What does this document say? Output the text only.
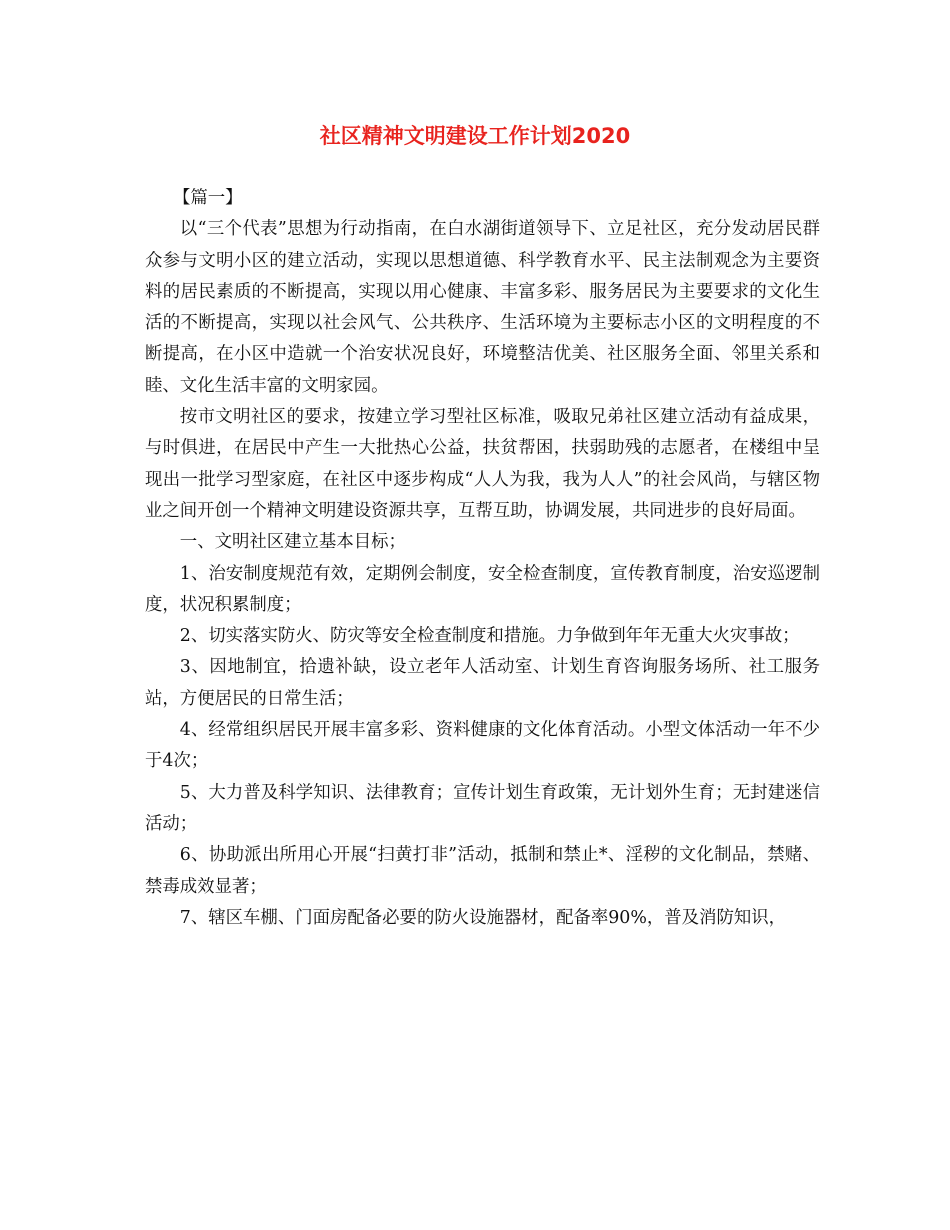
社区精神文明建设工作计划2020

【篇一】

以“三个代表”思想为行动指南，在白水湖街道领导下、立足社区，充分发动居民群众参与文明小区的建立活动，实现以思想道德、科学教育水平、民主法制观念为主要资料的居民素质的不断提高，实现以用心健康、丰富多彩、服务居民为主要要求的文化生活的不断提高，实现以社会风气、公共秩序、生活环境为主要标志小区的文明程度的不断提高，在小区中造就一个治安状况良好，环境整洁优美、社区服务全面、邻里关系和睦、文化生活丰富的文明家园。

按市文明社区的要求，按建立学习型社区标准，吸取兄弟社区建立活动有益成果，与时俱进，在居民中产生一大批热心公益，扶贫帮困，扶弱助残的志愿者，在楼组中呈现出一批学习型家庭，在社区中逐步构成“人人为我，我为人人”的社会风尚，与辖区物业之间开创一个精神文明建设资源共享，互帮互助，协调发展，共同进步的良好局面。

一、文明社区建立基本目标；

1、治安制度规范有效，定期例会制度，安全检查制度，宣传教育制度，治安巡逻制度，状况积累制度；

2、切实落实防火、防灾等安全检查制度和措施。力争做到年年无重大火灾事故；

3、因地制宜，拾遗补缺，设立老年人活动室、计划生育咨询服务场所、社工服务站，方便居民的日常生活；

4、经常组织居民开展丰富多彩、资料健康的文化体育活动。小型文体活动一年不少于4次；

5、大力普及科学知识、法律教育；宣传计划生育政策，无计划外生育；无封建迷信活动；

6、协助派出所用心开展“扫黄打非”活动，抵制和禁止*、淫秽的文化制品，禁赌、禁毒成效显著；

7、辖区车棚、门面房配备必要的防火设施器材，配备率90%，普及消防知识，
